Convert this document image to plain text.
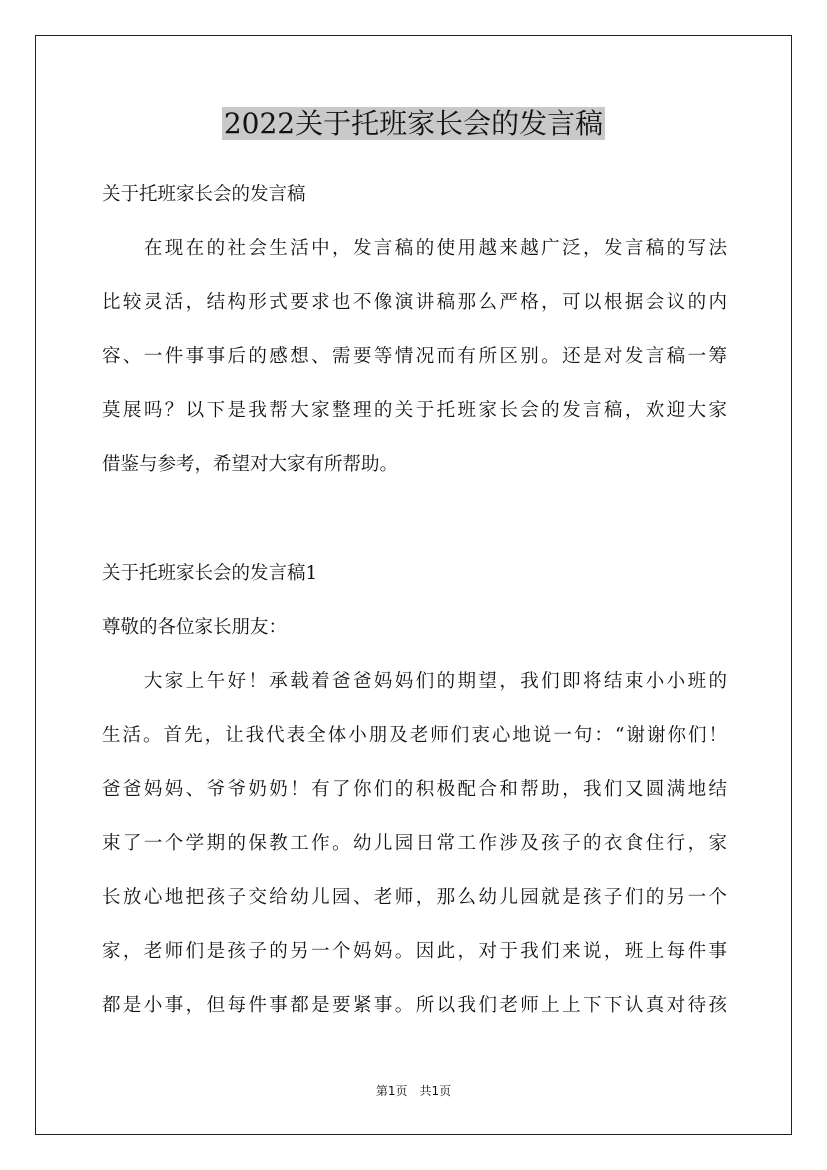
2022关于托班家长会的发言稿
关于托班家长会的发言稿
　　在现在的社会生活中，发言稿的使用越来越广泛，发言稿的写法
比较灵活，结构形式要求也不像演讲稿那么严格，可以根据会议的内
容、一件事事后的感想、需要等情况而有所区别。还是对发言稿一筹
莫展吗？以下是我帮大家整理的关于托班家长会的发言稿，欢迎大家
借鉴与参考，希望对大家有所帮助。
关于托班家长会的发言稿1
尊敬的各位家长朋友：
　　大家上午好！承载着爸爸妈妈们的期望，我们即将结束小小班的
生活。首先，让我代表全体小朋及老师们衷心地说一句：“谢谢你们！
爸爸妈妈、爷爷奶奶！有了你们的积极配合和帮助，我们又圆满地结
束了一个学期的保教工作。幼儿园日常工作涉及孩子的衣食住行，家
长放心地把孩子交给幼儿园、老师，那么幼儿园就是孩子们的另一个
家，老师们是孩子的另一个妈妈。因此，对于我们来说，班上每件事
都是小事，但每件事都是要紧事。所以我们老师上上下下认真对待孩
第1页　共1页
